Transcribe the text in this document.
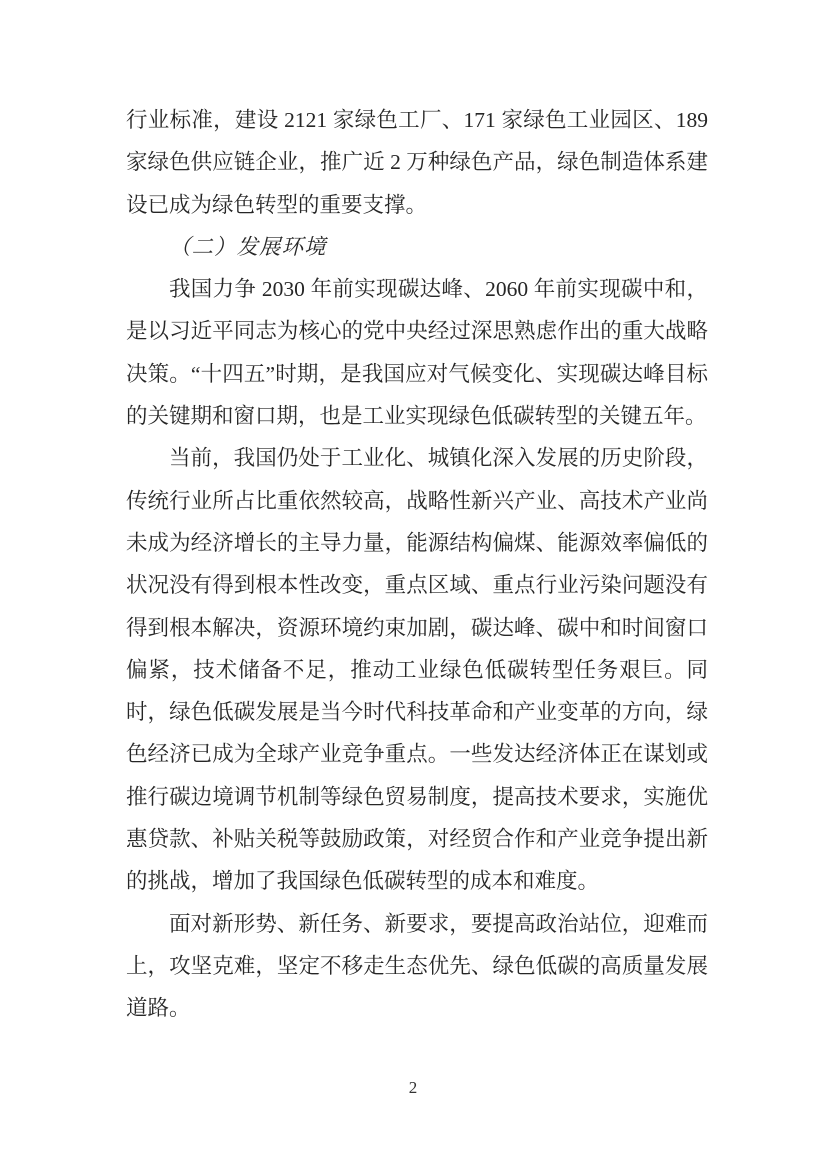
行业标准，建设 2121 家绿色工厂、171 家绿色工业园区、189 家绿色供应链企业，推广近 2 万种绿色产品，绿色制造体系建设已成为绿色转型的重要支撑。

（二）发展环境

我国力争 2030 年前实现碳达峰、2060 年前实现碳中和，是以习近平同志为核心的党中央经过深思熟虑作出的重大战略决策。“十四五”时期，是我国应对气候变化、实现碳达峰目标的关键期和窗口期，也是工业实现绿色低碳转型的关键五年。

当前，我国仍处于工业化、城镇化深入发展的历史阶段，传统行业所占比重依然较高，战略性新兴产业、高技术产业尚未成为经济增长的主导力量，能源结构偏煤、能源效率偏低的状况没有得到根本性改变，重点区域、重点行业污染问题没有得到根本解决，资源环境约束加剧，碳达峰、碳中和时间窗口偏紧，技术储备不足，推动工业绿色低碳转型任务艰巨。同时，绿色低碳发展是当今时代科技革命和产业变革的方向，绿色经济已成为全球产业竞争重点。一些发达经济体正在谋划或推行碳边境调节机制等绿色贸易制度，提高技术要求，实施优惠贷款、补贴关税等鼓励政策，对经贸合作和产业竞争提出新的挑战，增加了我国绿色低碳转型的成本和难度。

面对新形势、新任务、新要求，要提高政治站位，迎难而上，攻坚克难，坚定不移走生态优先、绿色低碳的高质量发展道路。

2
